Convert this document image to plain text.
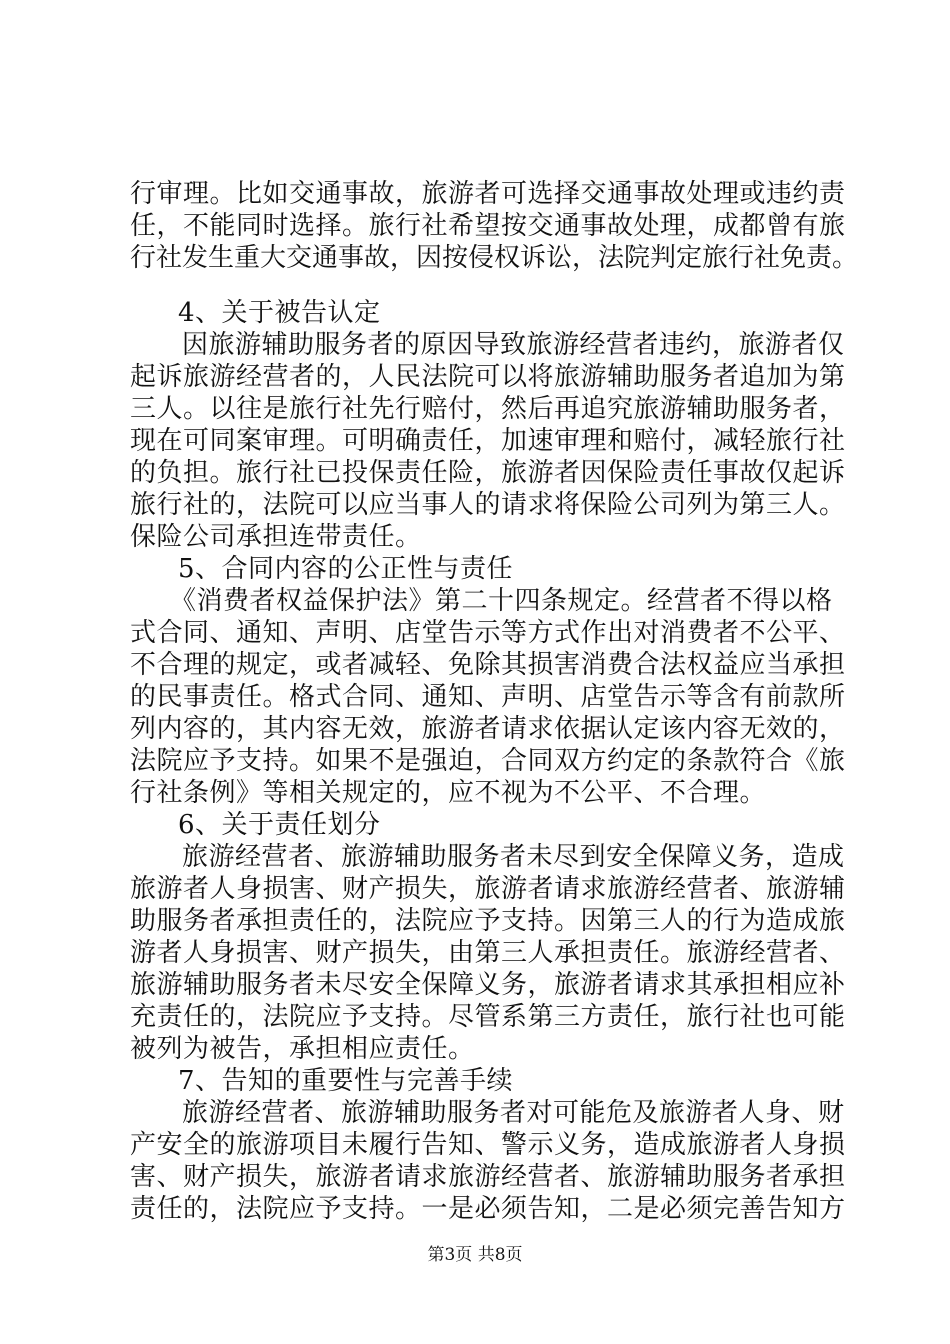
行审理。比如交通事故，旅游者可选择交通事故处理或违约责
任，不能同时选择。旅行社希望按交通事故处理，成都曾有旅
行社发生重大交通事故，因按侵权诉讼，法院判定旅行社免责。
4、关于被告认定
因旅游辅助服务者的原因导致旅游经营者违约，旅游者仅
起诉旅游经营者的，人民法院可以将旅游辅助服务者追加为第
三人。以往是旅行社先行赔付，然后再追究旅游辅助服务者，
现在可同案审理。可明确责任，加速审理和赔付，减轻旅行社
的负担。旅行社已投保责任险，旅游者因保险责任事故仅起诉
旅行社的，法院可以应当事人的请求将保险公司列为第三人。
保险公司承担连带责任。
5、合同内容的公正性与责任
《消费者权益保护法》第二十四条规定。经营者不得以格
式合同、通知、声明、店堂告示等方式作出对消费者不公平、
不合理的规定，或者减轻、免除其损害消费合法权益应当承担
的民事责任。格式合同、通知、声明、店堂告示等含有前款所
列内容的，其内容无效，旅游者请求依据认定该内容无效的，
法院应予支持。如果不是强迫，合同双方约定的条款符合《旅
行社条例》等相关规定的，应不视为不公平、不合理。
6、关于责任划分
旅游经营者、旅游辅助服务者未尽到安全保障义务，造成
旅游者人身损害、财产损失，旅游者请求旅游经营者、旅游辅
助服务者承担责任的，法院应予支持。因第三人的行为造成旅
游者人身损害、财产损失，由第三人承担责任。旅游经营者、
旅游辅助服务者未尽安全保障义务，旅游者请求其承担相应补
充责任的，法院应予支持。尽管系第三方责任，旅行社也可能
被列为被告，承担相应责任。
7、告知的重要性与完善手续
旅游经营者、旅游辅助服务者对可能危及旅游者人身、财
产安全的旅游项目未履行告知、警示义务，造成旅游者人身损
害、财产损失，旅游者请求旅游经营者、旅游辅助服务者承担
责任的，法院应予支持。一是必须告知，二是必须完善告知方
第3页 共8页
